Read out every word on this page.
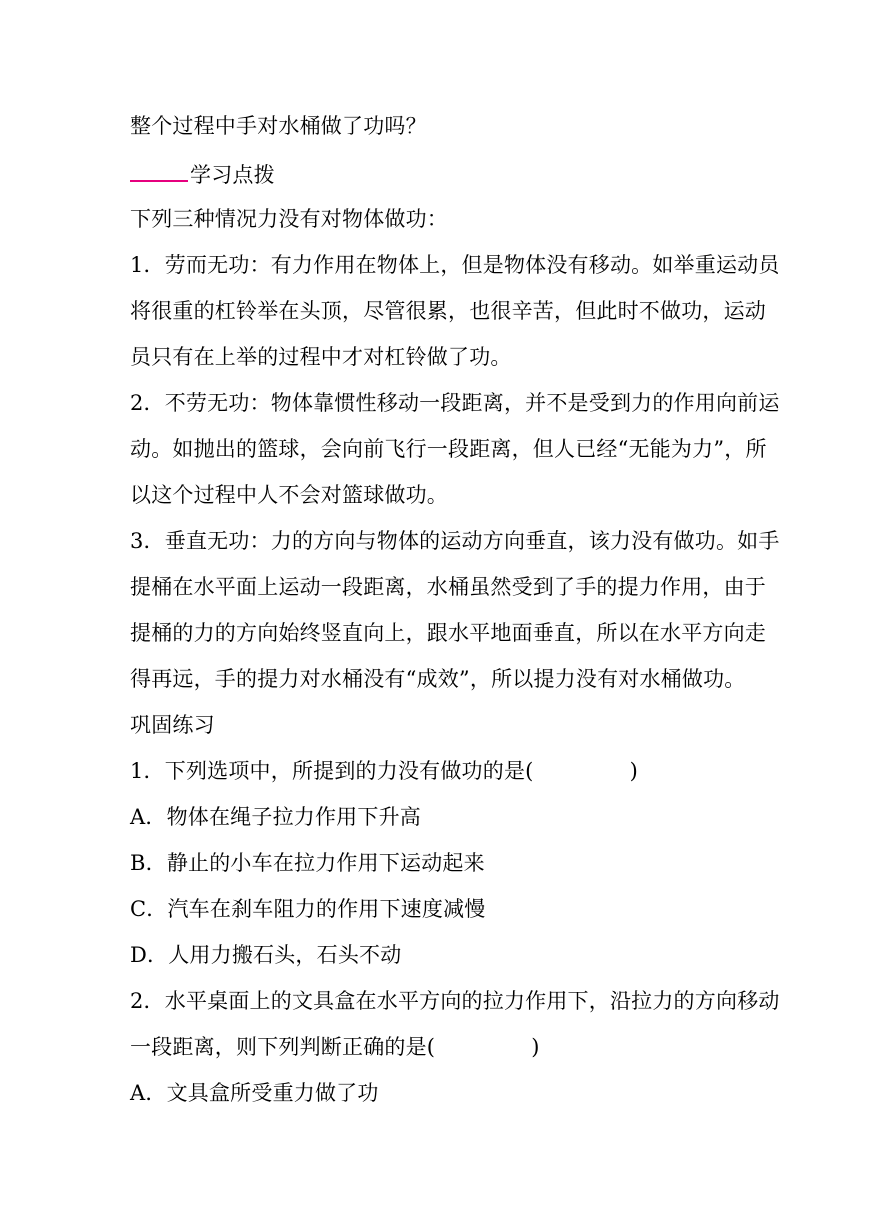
整个过程中手对水桶做了功吗？
学习点拨
下列三种情况力没有对物体做功：
1．劳而无功：有力作用在物体上，但是物体没有移动。如举重运动员
将很重的杠铃举在头顶，尽管很累，也很辛苦，但此时不做功，运动
员只有在上举的过程中才对杠铃做了功。
2．不劳无功：物体靠惯性移动一段距离，并不是受到力的作用向前运
动。如抛出的篮球，会向前飞行一段距离，但人已经“无能为力”，所
以这个过程中人不会对篮球做功。
3．垂直无功：力的方向与物体的运动方向垂直，该力没有做功。如手
提桶在水平面上运动一段距离，水桶虽然受到了手的提力作用，由于
提桶的力的方向始终竖直向上，跟水平地面垂直，所以在水平方向走
得再远，手的提力对水桶没有“成效”，所以提力没有对水桶做功。
巩固练习
1．下列选项中，所提到的力没有做功的是(	)
A．物体在绳子拉力作用下升高
B．静止的小车在拉力作用下运动起来
C．汽车在刹车阻力的作用下速度减慢
D．人用力搬石头，石头不动
2．水平桌面上的文具盒在水平方向的拉力作用下，沿拉力的方向移动
一段距离，则下列判断正确的是(	)
A．文具盒所受重力做了功
